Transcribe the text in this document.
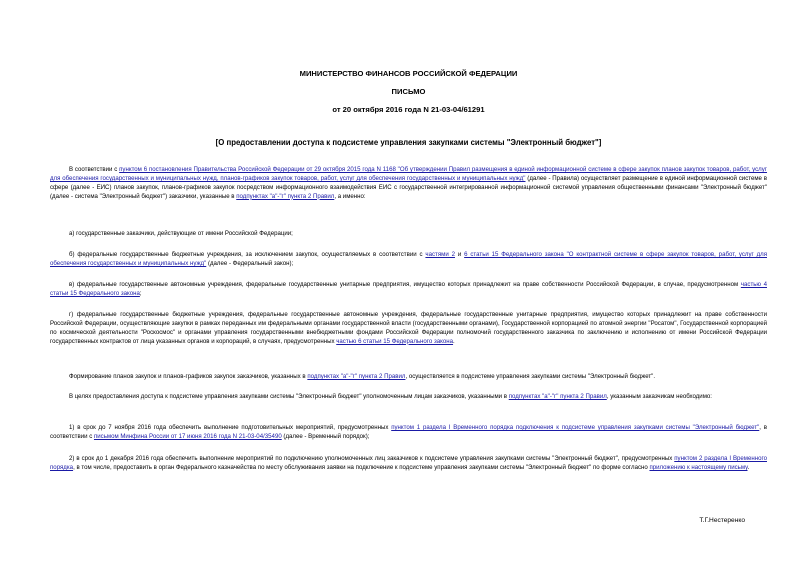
МИНИСТЕРСТВО ФИНАНСОВ РОССИЙСКОЙ ФЕДЕРАЦИИ
ПИСЬМО
от 20 октября 2016 года N 21-03-04/61291
[О предоставлении доступа к подсистеме управления закупками системы "Электронный бюджет"]

В соответствии с пунктом 6 постановления Правительства Российской Федерации от 29 октября 2015 года N 1168 "Об утверждении Правил размещения в единой информационной системе в сфере закупок планов закупок товаров, работ, услуг для обеспечения государственных и муниципальных нужд, планов-графиков закупок товаров, работ, услуг для обеспечения государственных и муниципальных нужд" (далее - Правила) осуществляет размещение в единой информационной системе в сфере (далее - ЕИС) планов закупок, планов-графиков закупок посредством информационного взаимодействия ЕИС с государственной интегрированной информационной системой управления общественными финансами "Электронный бюджет" (далее - система "Электронный бюджет") заказчики, указанные в подпунктах "а"-"г" пункта 2 Правил, а именно:

а) государственные заказчики, действующие от имени Российской Федерации;

б) федеральные государственные бюджетные учреждения, за исключением закупок, осуществляемых в соответствии с частями 2 и 6 статьи 15 Федерального закона "О контрактной системе в сфере закупок товаров, работ, услуг для обеспечения государственных и муниципальных нужд" (далее - Федеральный закон);

в) федеральные государственные автономные учреждения, федеральные государственные унитарные предприятия, имущество которых принадлежит на праве собственности Российской Федерации, в случае, предусмотренном частью 4 статьи 15 Федерального закона;

г) федеральные государственные бюджетные учреждения, федеральные государственные автономные учреждения, федеральные государственные унитарные предприятия, имущество которых принадлежит на праве собственности Российской Федерации, осуществляющие закупки в рамках переданных им федеральными органами государственной власти (государственными органами), Государственной корпорацией по атомной энергии "Росатом", Государственной корпорацией по космической деятельности "Роскосмос" и органами управления государственными внебюджетными фондами Российской Федерации полномочий государственного заказчика по заключению и исполнению от имени Российской Федерации государственных контрактов от лица указанных органов и корпораций, в случаях, предусмотренных частью 6 статьи 15 Федерального закона.

Формирование планов закупок и планов-графиков закупок заказчиков, указанных в подпунктах "а"-"г" пункта 2 Правил, осуществляется в подсистеме управления закупками системы "Электронный бюджет".

В целях предоставления доступа к подсистеме управления закупками системы "Электронный бюджет" уполномоченным лицам заказчиков, указанными в подпунктах "а"-"г" пункта 2 Правил, указанным заказчикам необходимо:

1) в срок до 7 ноября 2016 года обеспечить выполнение подготовительных мероприятий, предусмотренных пунктом 1 раздела I Временного порядка подключения к подсистеме управления закупками системы "Электронный бюджет", в соответствии с письмом Минфина России от 17 июня 2016 года N 21-03-04/35490 (далее - Временный порядок);

2) в срок до 1 декабря 2016 года обеспечить выполнение мероприятий по подключению уполномоченных лиц заказчиков к подсистеме управления закупками системы "Электронный бюджет", предусмотренных пунктом 2 раздела I Временного порядка, в том числе, предоставить в орган Федерального казначейства по месту обслуживания заявки на подключение к подсистеме управления закупками системы "Электронный бюджет" по форме согласно приложению к настоящему письму.

Т.Г.Нестеренко
